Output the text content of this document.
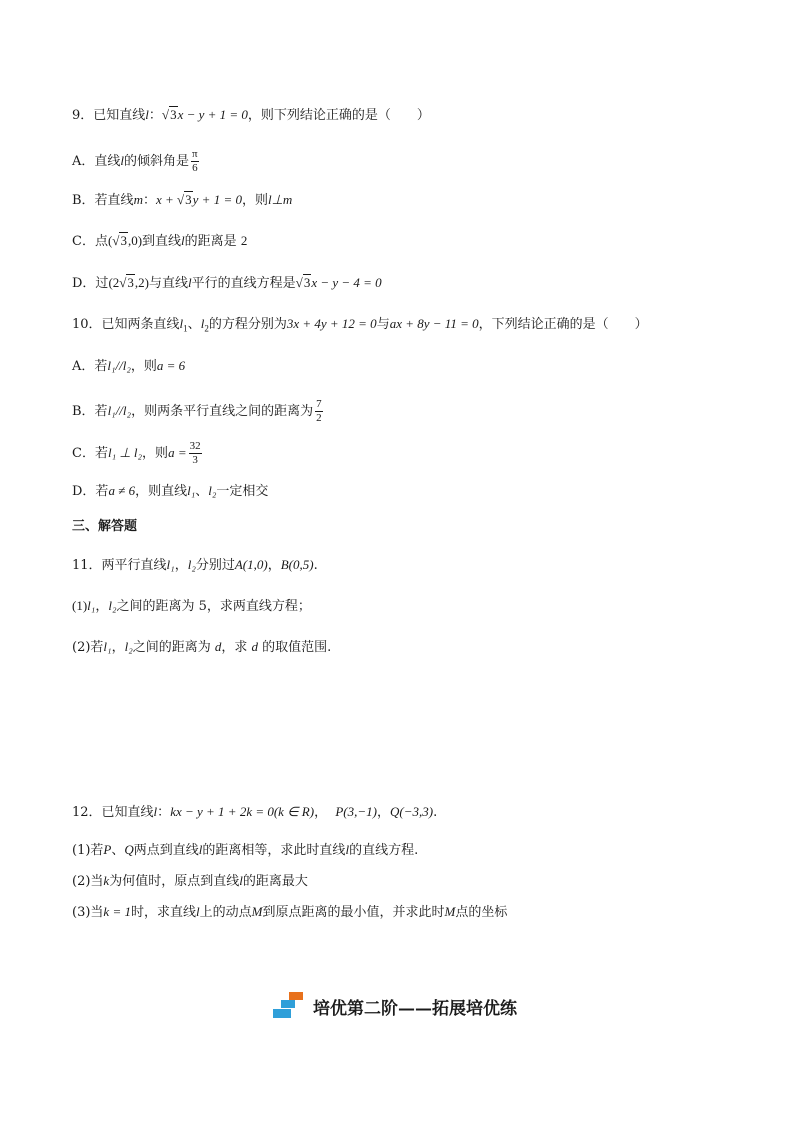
9．已知直线l：√3x − y + 1 = 0，则下列结论正确的是（　　）
A．直线l的倾斜角是 $\frac{\pi}{6}$
B．若直线m：x + √3y + 1 = 0，则l⊥m
C．点(√3,0)到直线l的距离是 2
D．过(2√3,2)与直线l平行的直线方程是√3x − y − 4 = 0
10．已知两条直线$l_1$、$l_2$的方程分别为3x + 4y + 12 = 0与ax + 8y − 11 = 0，下列结论正确的是（　　）
A．若l₁//l₂，则a = 6
B．若l₁//l₂，则两条平行直线之间的距离为 $\frac{7}{2}$
C．若l₁ ⊥ l₂，则$a = \frac{32}{3}$
D．若a ≠ 6，则直线l₁、l₂一定相交
三、解答题
11．两平行直线l₁，l₂分别过A(1,0)，B(0,5).
(1)l₁，l₂之间的距离为 5，求两直线方程；
(2)若l₁，l₂之间的距离为 d，求 d 的取值范围.
12．已知直线l：kx − y + 1 + 2k = 0(k ∈ R)， P(3,−1)，Q(−3,3).
(1)若P、Q两点到直线l的距离相等，求此时直线l的直线方程.
(2)当k为何值时，原点到直线l的距离最大
(3)当k = 1时，求直线l上的动点M到原点距离的最小值，并求此时M点的坐标
培优第二阶——拓展培优练
